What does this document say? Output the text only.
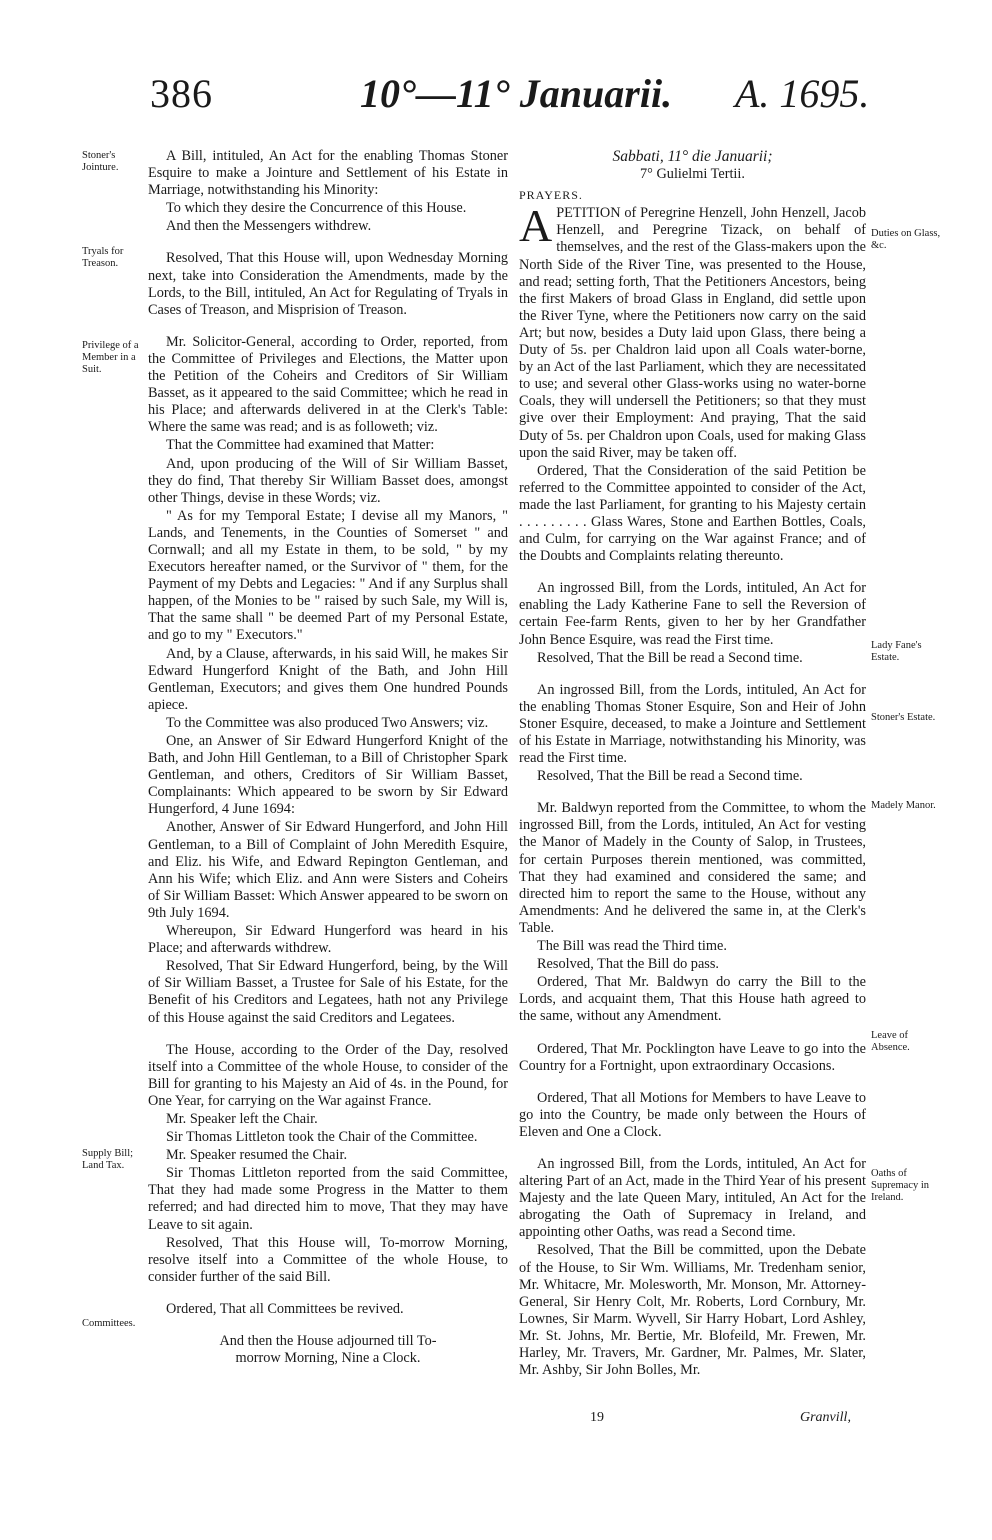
386	10°—11° Januarii. A. 1695.
Stoner's Jointure.
Tryals for Treason.
Privilege of a Member in a Suit.
Supply Bill; Land Tax.
Committees.
Duties on Glass, &c.
Lady Fane's Estate.
Stoner's Estate.
Madely Manor.
Leave of Absence.
Oaths of Supremacy in Ireland.

A Bill, intituled, An Act for the enabling Thomas Stoner Esquire to make a Jointure and Settlement of his Estate in Marriage, notwithstanding his Minority:

To which they desire the Concurrence of this House.

And then the Messengers withdrew.

Resolved, That this House will, upon Wednesday Morning next, take into Consideration the Amendments, made by the Lords, to the Bill, intituled, An Act for Regulating of Tryals in Cases of Treason, and Misprision of Treason.

Mr. Solicitor-General, according to Order, reported, from the Committee of Privileges and Elections, the Matter upon the Petition of the Coheirs and Creditors of Sir William Basset, as it appeared to the said Committee; which he read in his Place; and afterwards delivered in at the Clerk's Table: Where the same was read; and is as followeth; viz.

That the Committee had examined that Matter:

And, upon producing of the Will of Sir William Basset, they do find, That thereby Sir William Basset does, amongst other Things, devise in these Words; viz.

" As for my Temporal Estate; I devise all my Manors, " Lands, and Tenements, in the Counties of Somerset " and Cornwall; and all my Estate in them, to be sold, " by my Executors hereafter named, or the Survivor of " them, for the Payment of my Debts and Legacies: " And if any Surplus shall happen, of the Monies to be " raised by such Sale, my Will is, That the same shall " be deemed Part of my Personal Estate, and go to my " Executors."

And, by a Clause, afterwards, in his said Will, he makes Sir Edward Hungerford Knight of the Bath, and John Hill Gentleman, Executors; and gives them One hundred Pounds apiece.

To the Committee was also produced Two Answers; viz.

One, an Answer of Sir Edward Hungerford Knight of the Bath, and John Hill Gentleman, to a Bill of Christopher Spark Gentleman, and others, Creditors of Sir William Basset, Complainants: Which appeared to be sworn by Sir Edward Hungerford, 4 June 1694:

Another, Answer of Sir Edward Hungerford, and John Hill Gentleman, to a Bill of Complaint of John Meredith Esquire, and Eliz. his Wife, and Edward Repington Gentleman, and Ann his Wife; which Eliz. and Ann were Sisters and Coheirs of Sir William Basset: Which Answer appeared to be sworn on 9th July 1694.

Whereupon, Sir Edward Hungerford was heard in his Place; and afterwards withdrew.

Resolved, That Sir Edward Hungerford, being, by the Will of Sir William Basset, a Trustee for Sale of his Estate, for the Benefit of his Creditors and Legatees, hath not any Privilege of this House against the said Creditors and Legatees.

The House, according to the Order of the Day, resolved itself into a Committee of the whole House, to consider of the Bill for granting to his Majesty an Aid of 4s. in the Pound, for One Year, for carrying on the War against France.

Mr. Speaker left the Chair.

Sir Thomas Littleton took the Chair of the Committee.

Mr. Speaker resumed the Chair.

Sir Thomas Littleton reported from the said Committee, That they had made some Progress in the Matter to them referred; and had directed him to move, That they may have Leave to sit again.

Resolved, That this House will, To-morrow Morning, resolve itself into a Committee of the whole House, to consider further of the said Bill.

Ordered, That all Committees be revived.

And then the House adjourned till To-morrow Morning, Nine a Clock.

Sabbati, 11° die Januarii;

7° Gulielmi Tertii.

PRAYERS.

APETITION of Peregrine Henzell, John Henzell, Jacob Henzell, and Peregrine Tizack, on behalf of themselves, and the rest of the Glass-makers upon the North Side of the River Tine, was presented to the House, and read; setting forth, That the Petitioners Ancestors, being the first Makers of broad Glass in England, did settle upon the River Tyne, where the Petitioners now carry on the said Art; but now, besides a Duty laid upon Glass, there being a Duty of 5s. per Chaldron laid upon all Coals water-borne, by an Act of the last Parliament, which they are necessitated to use; and several other Glass-works using no water-borne Coals, they will undersell the Petitioners; so that they must give over their Employment: And praying, That the said Duty of 5s. per Chaldron upon Coals, used for making Glass upon the said River, may be taken off.

Ordered, That the Consideration of the said Petition be referred to the Committee appointed to consider of the Act, made the last Parliament, for granting to his Majesty certain . . . . . . . . . Glass Wares, Stone and Earthen Bottles, Coals, and Culm, for carrying on the War against France; and of the Doubts and Complaints relating thereunto.

An ingrossed Bill, from the Lords, intituled, An Act for enabling the Lady Katherine Fane to sell the Reversion of certain Fee-farm Rents, given to her by her Grandfather John Bence Esquire, was read the First time.

Resolved, That the Bill be read a Second time.

An ingrossed Bill, from the Lords, intituled, An Act for the enabling Thomas Stoner Esquire, Son and Heir of John Stoner Esquire, deceased, to make a Jointure and Settlement of his Estate in Marriage, notwithstanding his Minority, was read the First time.

Resolved, That the Bill be read a Second time.

Mr. Baldwyn reported from the Committee, to whom the ingrossed Bill, from the Lords, intituled, An Act for vesting the Manor of Madely in the County of Salop, in Trustees, for certain Purposes therein mentioned, was committed, That they had examined and considered the same; and directed him to report the same to the House, without any Amendments: And he delivered the same in, at the Clerk's Table.

The Bill was read the Third time.

Resolved, That the Bill do pass.

Ordered, That Mr. Baldwyn do carry the Bill to the Lords, and acquaint them, That this House hath agreed to the same, without any Amendment.

Ordered, That Mr. Pocklington have Leave to go into the Country for a Fortnight, upon extraordinary Occasions.

Ordered, That all Motions for Members to have Leave to go into the Country, be made only between the Hours of Eleven and One a Clock.

An ingrossed Bill, from the Lords, intituled, An Act for altering Part of an Act, made in the Third Year of his present Majesty and the late Queen Mary, intituled, An Act for the abrogating the Oath of Supremacy in Ireland, and appointing other Oaths, was read a Second time.

Resolved, That the Bill be committed, upon the Debate of the House, to Sir Wm. Williams, Mr. Tredenham senior, Mr. Whitacre, Mr. Molesworth, Mr. Monson, Mr. Attorney-General, Sir Henry Colt, Mr. Roberts, Lord Cornbury, Mr. Lownes, Sir Marm. Wyvell, Sir Harry Hobart, Lord Ashley, Mr. St. Johns, Mr. Bertie, Mr. Blofeild, Mr. Frewen, Mr. Harley, Mr. Travers, Mr. Gardner, Mr. Palmes, Mr. Slater, Mr. Ashby, Sir John Bolles, Mr.

19	Granvill,
